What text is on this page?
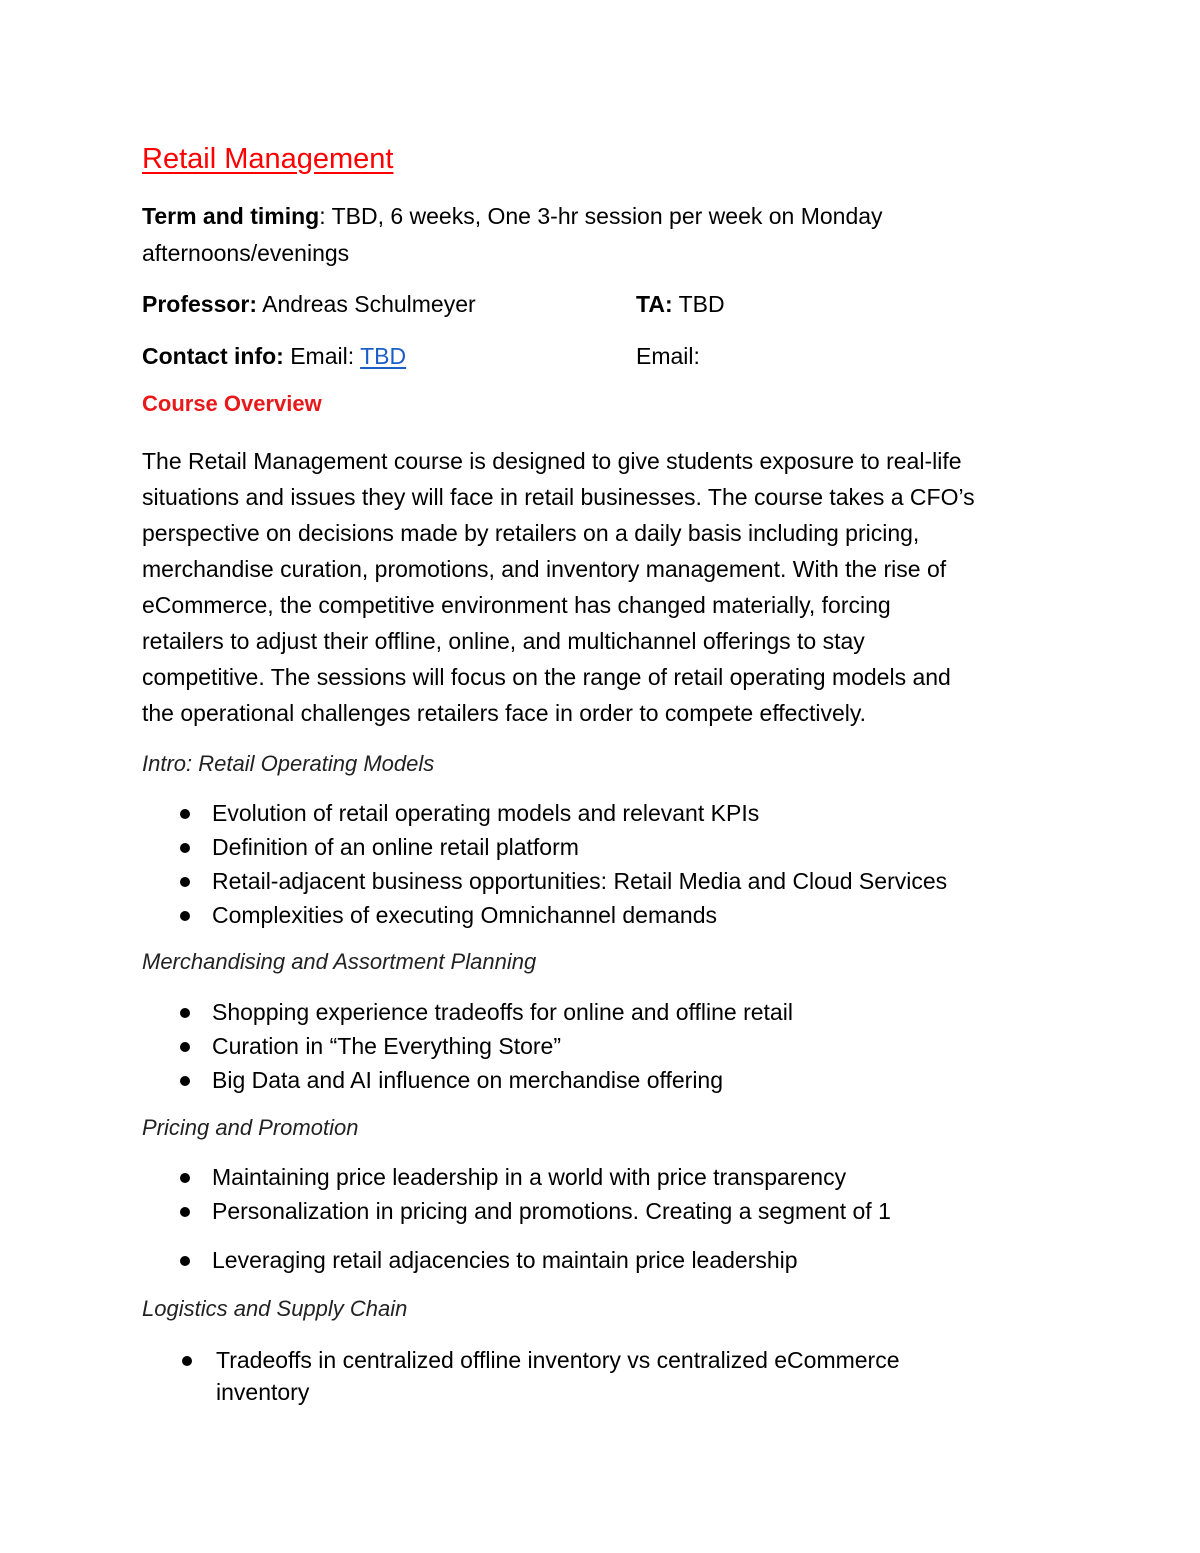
Retail Management
Term and timing: TBD, 6 weeks, One 3-hr session per week on Monday
afternoons/evenings
Professor: Andreas Schulmeyer	TA: TBD
Contact info: Email: TBD	Email:
Course Overview
The Retail Management course is designed to give students exposure to real-life
situations and issues they will face in retail businesses. The course takes a CFO’s
perspective on decisions made by retailers on a daily basis including pricing,
merchandise curation, promotions, and inventory management. With the rise of
eCommerce, the competitive environment has changed materially, forcing
retailers to adjust their offline, online, and multichannel offerings to stay
competitive. The sessions will focus on the range of retail operating models and
the operational challenges retailers face in order to compete effectively.
Intro: Retail Operating Models
Evolution of retail operating models and relevant KPIs
Definition of an online retail platform
Retail-adjacent business opportunities: Retail Media and Cloud Services
Complexities of executing Omnichannel demands
Merchandising and Assortment Planning
Shopping experience tradeoffs for online and offline retail
Curation in “The Everything Store”
Big Data and AI influence on merchandise offering
Pricing and Promotion
Maintaining price leadership in a world with price transparency
Personalization in pricing and promotions. Creating a segment of 1
Leveraging retail adjacencies to maintain price leadership
Logistics and Supply Chain
Tradeoffs in centralized offline inventory vs centralized eCommerce
inventory
